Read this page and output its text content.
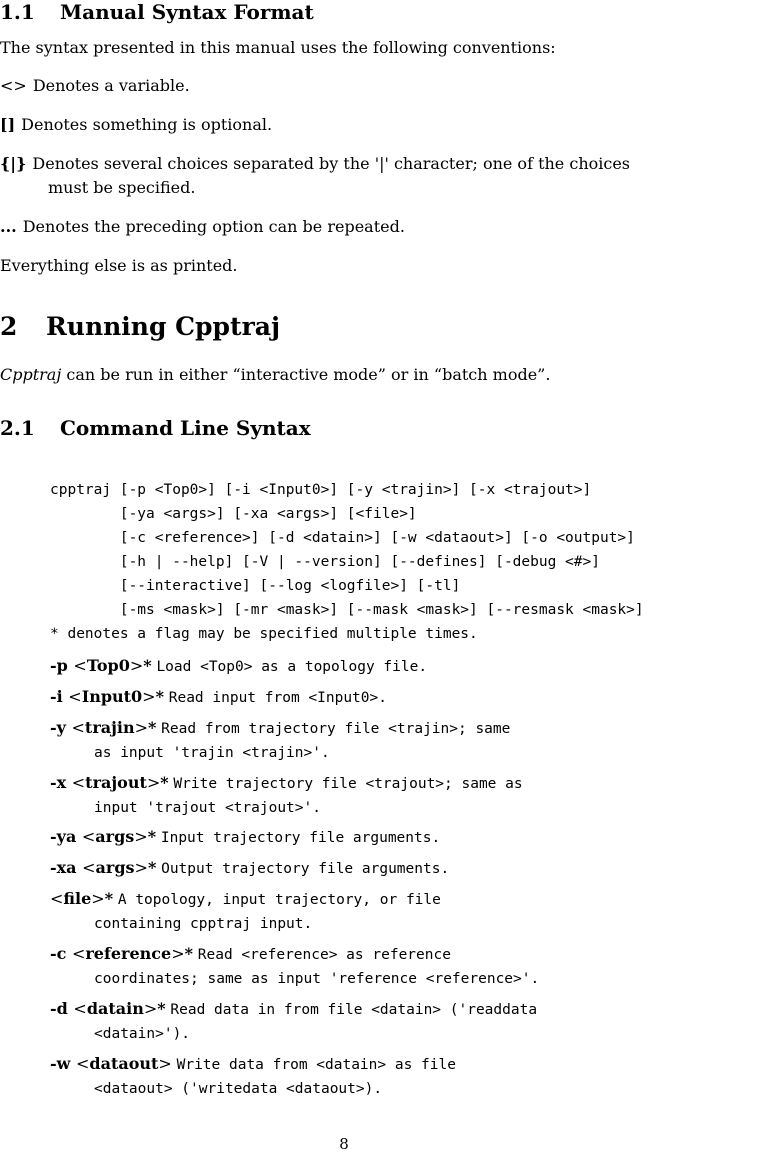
1.1 Manual Syntax Format

The syntax presented in this manual uses the following conventions:

<> Denotes a variable.
[] Denotes something is optional.
{|} Denotes several choices separated by the '|' character; one of the choices
must be specified.
... Denotes the preceding option can be repeated.

Everything else is as printed.

2 Running Cpptraj

Cpptraj can be run in either “interactive mode” or in “batch mode”.

2.1 Command Line Syntax
cpptraj [-p <Top0>] [-i <Input0>] [-y <trajin>] [-x <trajout>]
[-ya <args>] [-xa <args>] [<file>]
[-c <reference>] [-d <datain>] [-w <dataout>] [-o <output>]
[-h | --help] [-V | --version] [--defines] [-debug <#>]
[--interactive] [--log <logfile>] [-tl]
[-ms <mask>] [-mr <mask>] [--mask <mask>] [--resmask <mask>]
* denotes a flag may be specified multiple times.
-p <Top0>* Load <Top0> as a topology file.
-i <Input0>* Read input from <Input0>.
-y <trajin>* Read from trajectory file <trajin>; same
as input 'trajin <trajin>'.
-x <trajout>* Write trajectory file <trajout>; same as
input 'trajout <trajout>'.
-ya <args>* Input trajectory file arguments.
-xa <args>* Output trajectory file arguments.
<file>* A topology, input trajectory, or file
containing cpptraj input.
-c <reference>* Read <reference> as reference
coordinates; same as input 'reference <reference>'.
-d <datain>* Read data in from file <datain> ('readdata
<datain>').
-w <dataout> Write data from <datain> as file
<dataout> ('writedata <dataout>).
8
